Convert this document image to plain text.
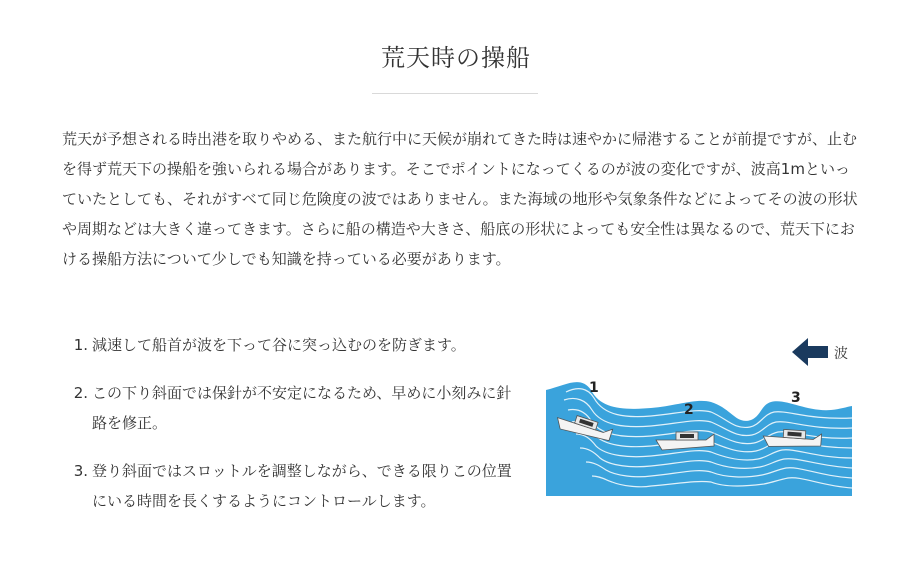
荒天時の操船

荒天が予想される時出港を取りやめる、また航行中に天候が崩れてきた時は速やかに帰港することが前提ですが、止むを得ず荒天下の操船を強いられる場合があります。そこでポイントになってくるのが波の変化ですが、波高1mといっていたとしても、それがすべて同じ危険度の波ではありません。また海域の地形や気象条件などによってその波の形状や周期などは大きく違ってきます。さらに船の構造や大きさ、船底の形状によっても安全性は異なるので、荒天下における操船方法について少しでも知識を持っている必要があります。

1. 減速して船首が波を下って谷に突っ込むのを防ぎます。
2. この下り斜面では保針が不安定になるため、早めに小刻みに針路を修正。
3. 登り斜面ではスロットルを調整しながら、できる限りこの位置にいる時間を長くするようにコントロールします。
1
2
3
波
